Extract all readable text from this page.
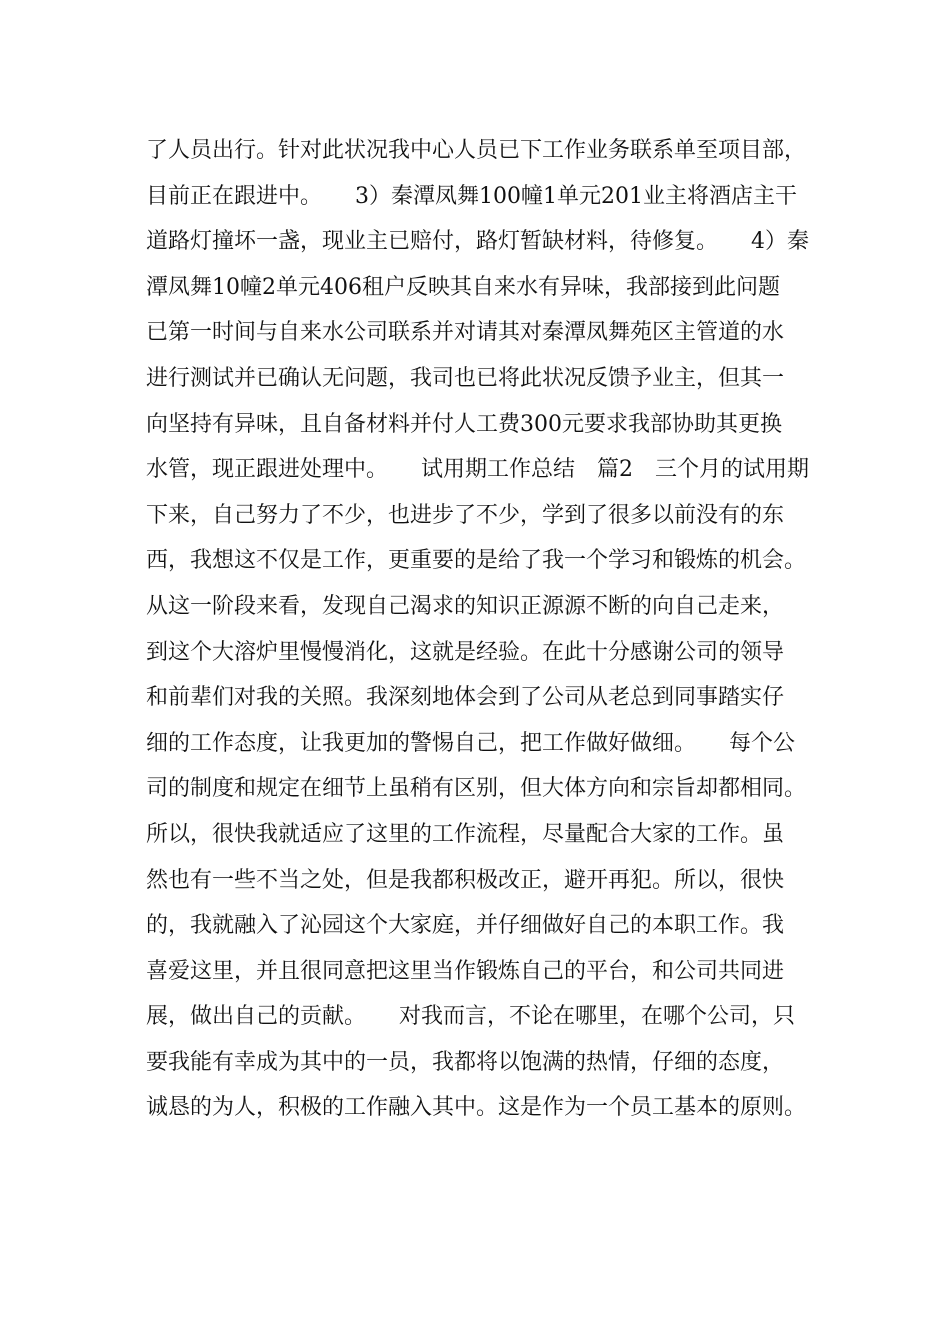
了人员出行。针对此状况我中心人员已下工作业务联系单至项目部，
目前正在跟进中。　　3）秦潭凤舞100幢1单元201业主将酒店主干
道路灯撞坏一盏，现业主已赔付，路灯暂缺材料，待修复。　　4）秦
潭凤舞10幢2单元406租户反映其自来水有异味，我部接到此问题
已第一时间与自来水公司联系并对请其对秦潭凤舞苑区主管道的水
进行测试并已确认无问题，我司也已将此状况反馈予业主，但其一
向坚持有异味，且自备材料并付人工费300元要求我部协助其更换
水管，现正跟进处理中。　　试用期工作总结　篇2　三个月的试用期
下来，自己努力了不少，也进步了不少，学到了很多以前没有的东
西，我想这不仅是工作，更重要的是给了我一个学习和锻炼的机会。
从这一阶段来看，发现自己渴求的知识正源源不断的向自己走来，
到这个大溶炉里慢慢消化，这就是经验。在此十分感谢公司的领导
和前辈们对我的关照。我深刻地体会到了公司从老总到同事踏实仔
细的工作态度，让我更加的警惕自己，把工作做好做细。　　每个公
司的制度和规定在细节上虽稍有区别，但大体方向和宗旨却都相同。
所以，很快我就适应了这里的工作流程，尽量配合大家的工作。虽
然也有一些不当之处，但是我都积极改正，避开再犯。所以，很快
的，我就融入了沁园这个大家庭，并仔细做好自己的本职工作。我
喜爱这里，并且很同意把这里当作锻炼自己的平台，和公司共同进
展，做出自己的贡献。　　对我而言，不论在哪里，在哪个公司，只
要我能有幸成为其中的一员，我都将以饱满的热情，仔细的态度，
诚恳的为人，积极的工作融入其中。这是作为一个员工基本的原则。
